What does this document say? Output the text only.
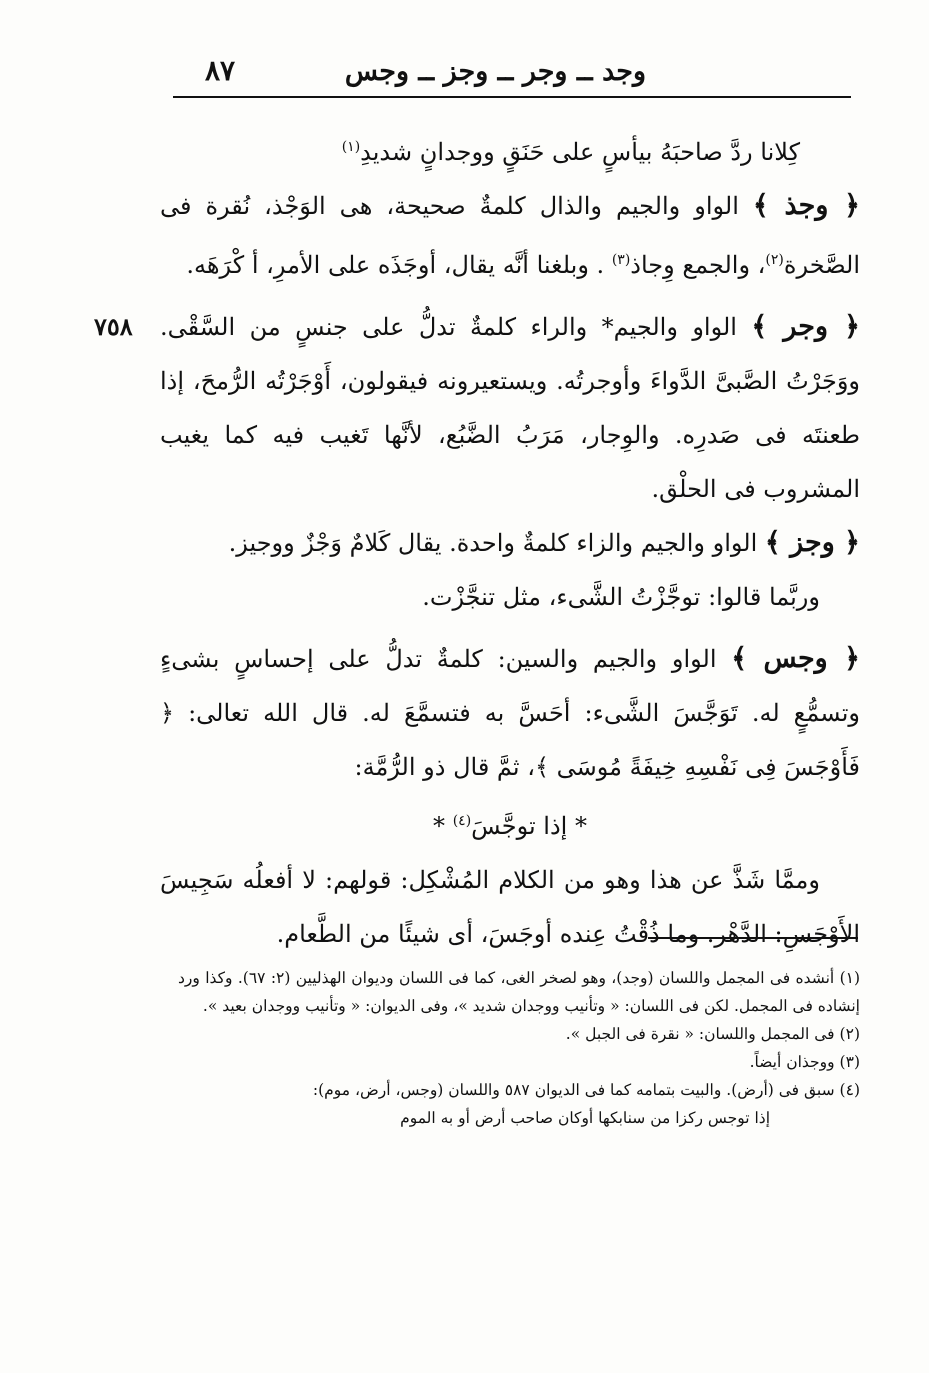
وجد ــ وجر ــ وجز ــ وجس
٨٧
كِلانا ردَّ صاحبَهُ بيأسٍ على حَنَقٍ ووجدانٍ شديدِ$^{(١)}$
﴿ وجذ ﴾ الواو والجيم والذال كلمةٌ صحيحة، هى الوَجْذ، نُقرة فى الصَّخرة$^{(٢)}$، والجمع وِجاذ$^{(٣)}$ . وبلغنا أنَّه يقال، أوجَذَه على الأمرِ، أ كْرَهَه.
٧٥٨	﴿ وجر ﴾ الواو والجيم* والراء كلمةٌ تدلُّ على جنسٍ من السَّقْى. ووَجَرْتُ الصَّبىَّ الدَّواءَ وأوجرتُه. ويستعيرونه فيقولون، أَوْجَرْتُه الرُّمحَ، إذا طعنتَه فى صَدرِه. والوِجار، مَرَبُ الضَّبُع، لأنَّها تَغيب فيه كما يغيب المشروب فى الحلْق.
﴿ وجز ﴾ الواو والجيم والزاء كلمةٌ واحدة. يقال كَلامٌ وَجْزٌ ووجيز.
وربَّما قالوا: توجَّزْتُ الشَّىء، مثل تنجَّزْت.
﴿ وجس ﴾ الواو والجيم والسين: كلمةٌ تدلُّ على إحساسٍ بشىءٍ وتسمُّعٍ له. تَوَجَّسَ الشَّىء: أحَسَّ به فتسمَّعَ له. قال الله تعالى: ﴿ فَأَوْجَسَ فِى نَفْسِهِ خِيفَةً مُوسَى ﴾، ثمَّ قال ذو الرُّمَّة:
* إذا توجَّسَ$^{(٤)}$ *
وممَّا شَذَّ عن هذا وهو من الكلام المُشْكِل: قولهم: لا أفعلُه سَجِيسَ الأَوْجَسِ: الدَّهْر. وما ذُقْتُ عِنده أوجَسَ، أى شيئًا من الطَّعام.

(١) أنشده فى المجمل واللسان (وجد)، وهو لصخر الغى، كما فى اللسان وديوان الهذليين (٢: ٦٧). وكذا ورد إنشاده فى المجمل. لكن فى اللسان: « وتأنيب ووجدان شديد »، وفى الديوان: « وتأنيب ووجدان بعيد ».

(٢) فى المجمل واللسان: « نقرة فى الجبل ».

(٣) ووجذان أيضاً.

(٤) سبق فى (أرض). والبيت بتمامه كما فى الديوان ٥٨٧ واللسان (وجس، أرض، موم):
إذا توجس ركزا من سنابكها أوكان صاحب أرض أو به الموم
